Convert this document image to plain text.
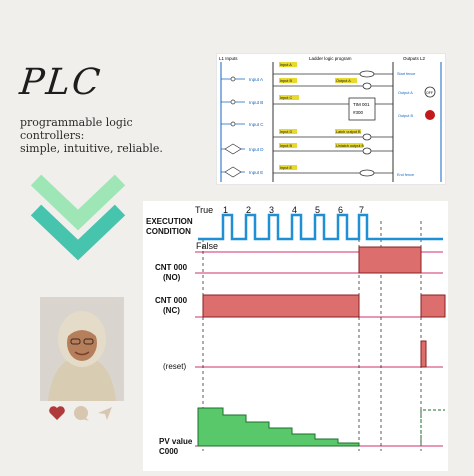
PLC
programmable logic controllers:
simple, intuitive, reliable.
L1 Inputs	Ladder logic program	Outputs L2
Input A
Input B
Input C
Input D
Input E
Input A
Input B	Output A
Input C
Input D
Input B
Input E
Latch output B
Unlatch output B
TIM 001
#300
Start fence
End fence
Output A
Output B
OFF
True
False
1 2 3 4 5 6 7
EXECUTION
CONDITION
CNT 000
(NO)
CNT 000
(NC)
PV value
C000
(reset)
